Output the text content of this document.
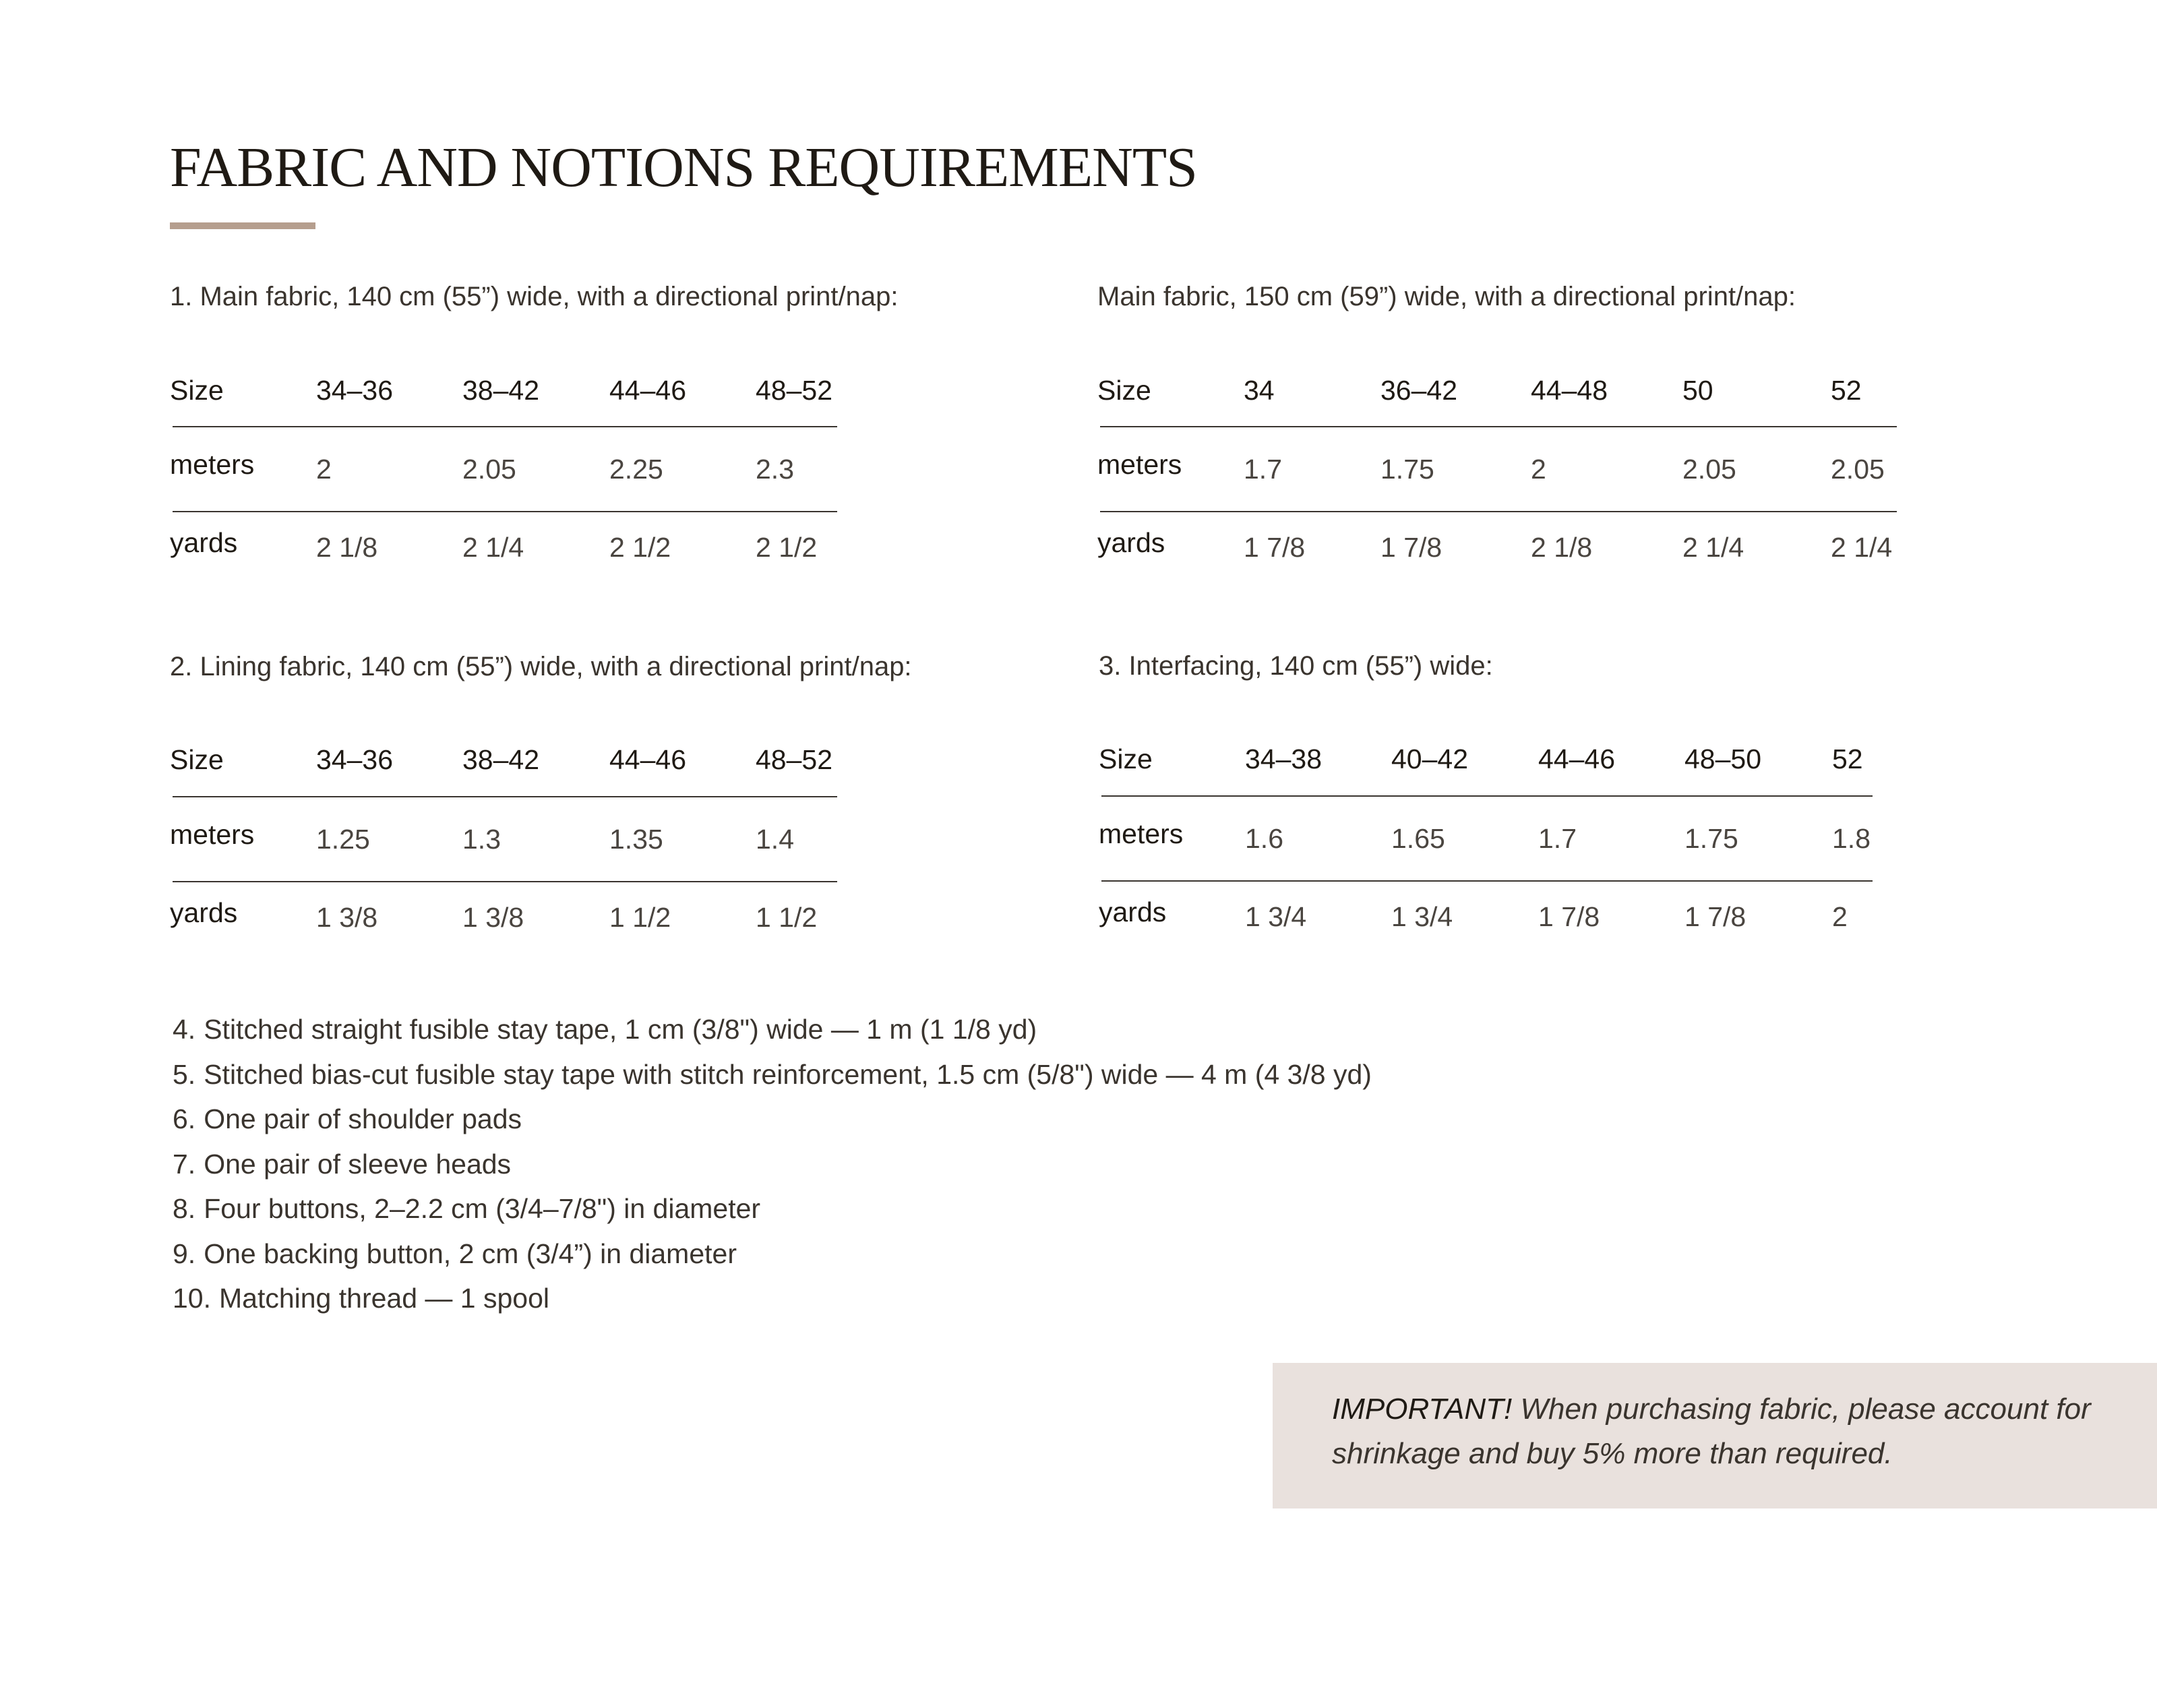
FABRIC AND NOTIONS REQUIREMENTS
1. Main fabric, 140 cm (55”) wide, with a directional print/nap:
Size	34–36	38–42	44–46	48–52
meters 2	2.05	2.25	2.3
yards	2 1/8	2 1/4	2 1/2	2 1/2
Main fabric, 150 cm (59”) wide, with a directional print/nap:
Size	34	36–42	44–48	50	52
meters 1.7	1.75	2	2.05	2.05
yards	1 7/8	1 7/8	2 1/8	2 1/4	2 1/4
2. Lining fabric, 140 cm (55”) wide, with a directional print/nap:
Size	34–36	38–42	44–46	48–52
meters 1.25	1.3	1.35	1.4
yards	1 3/8	1 3/8	1 1/2	1 1/2
3. Interfacing, 140 cm (55”) wide:
Size	34–38	40–42	44–46	48–50	52
meters 1.6	1.65	1.7	1.75	1.8
yards	1 3/4	1 3/4	1 7/8	1 7/8	2
4. Stitched straight fusible stay tape, 1 cm (3/8") wide — 1 m (1 1/8 yd)
5. Stitched bias-cut fusible stay tape with stitch reinforcement, 1.5 cm (5/8") wide — 4 m (4 3/8 yd)
6. One pair of shoulder pads
7. One pair of sleeve heads
8. Four buttons, 2–2.2 cm (3/4–7/8") in diameter
9. One backing button, 2 cm (3/4”) in diameter
10. Matching thread — 1 spool
IMPORTANT! When purchasing fabric, please account for shrinkage and buy 5% more than required.
